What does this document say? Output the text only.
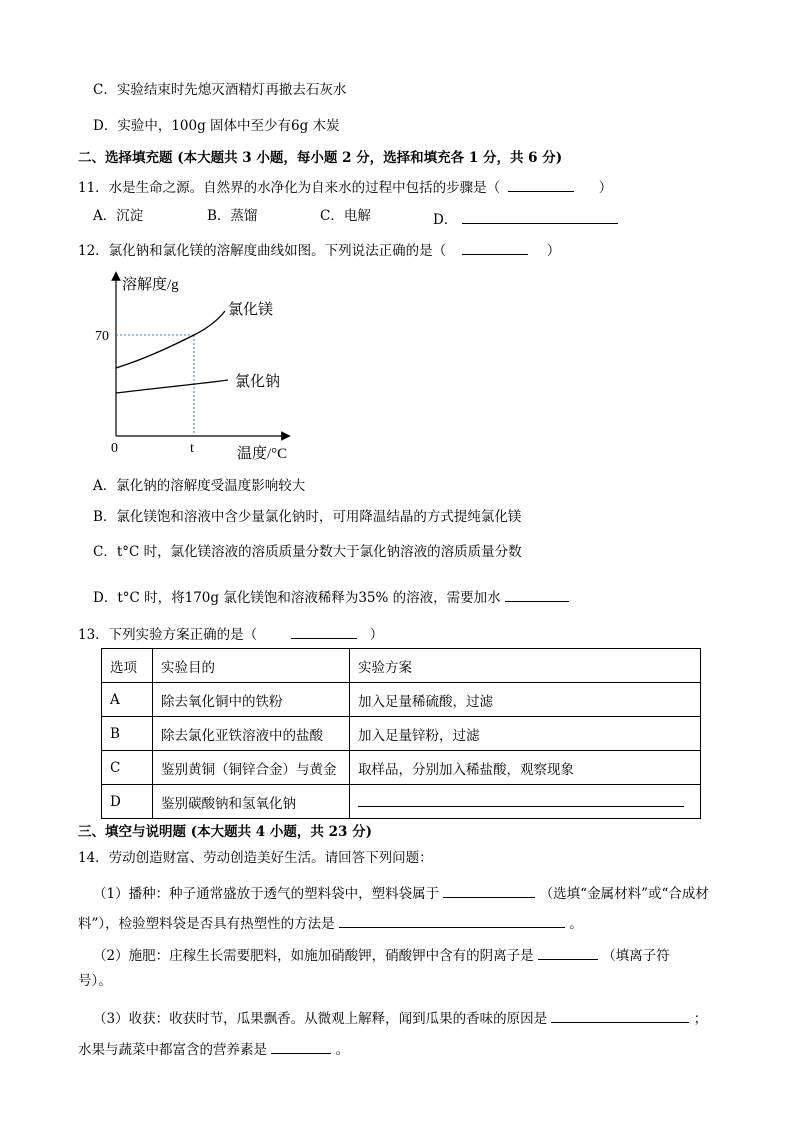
C．实验结束时先熄灭酒精灯再撤去石灰水
D．实验中，100g 固体中至少有6g 木炭
二、选择填充题 (本大题共 3 小题，每小题 2 分，选择和填充各 1 分，共 6 分)
11．水是生命之源。自然界的水净化为自来水的过程中包括的步骤是（	）
A．沉淀	B．蒸馏	C．电解	D．
12．氯化钠和氯化镁的溶解度曲线如图。下列说法正确的是（	）
溶解度/g
氯化镁
氯化钠
70
0	t	温度/°C
A．氯化钠的溶解度受温度影响较大
B．氯化镁饱和溶液中含少量氯化钠时，可用降温结晶的方式提纯氯化镁
C．t°C 时，氯化镁溶液的溶质质量分数大于氯化钠溶液的溶质质量分数
D．t°C 时，将170g 氯化镁饱和溶液稀释为35% 的溶液，需要加水
13．下列实验方案正确的是（	）
选项	实验目的	实验方案
A	除去氧化铜中的铁粉	加入足量稀硫酸，过滤
B	除去氯化亚铁溶液中的盐酸	加入足量锌粉，过滤
C	鉴别黄铜（铜锌合金）与黄金	取样品，分别加入稀盐酸，观察现象
D	鉴别碳酸钠和氢氧化钠	
三、填空与说明题 (本大题共 4 小题，共 23 分)
14．劳动创造财富、劳动创造美好生活。请回答下列问题：
（1）播种：种子通常盛放于透气的塑料袋中，塑料袋属于	（选填“金属材料”或“合成材
料”），检验塑料袋是否具有热塑性的方法是	。
（2）施肥：庄稼生长需要肥料，如施加硝酸钾，硝酸钾中含有的阴离子是	（填离子符
号）。
（3）收获：收获时节，瓜果飘香。从微观上解释，闻到瓜果的香味的原因是	；
水果与蔬菜中都富含的营养素是	。
